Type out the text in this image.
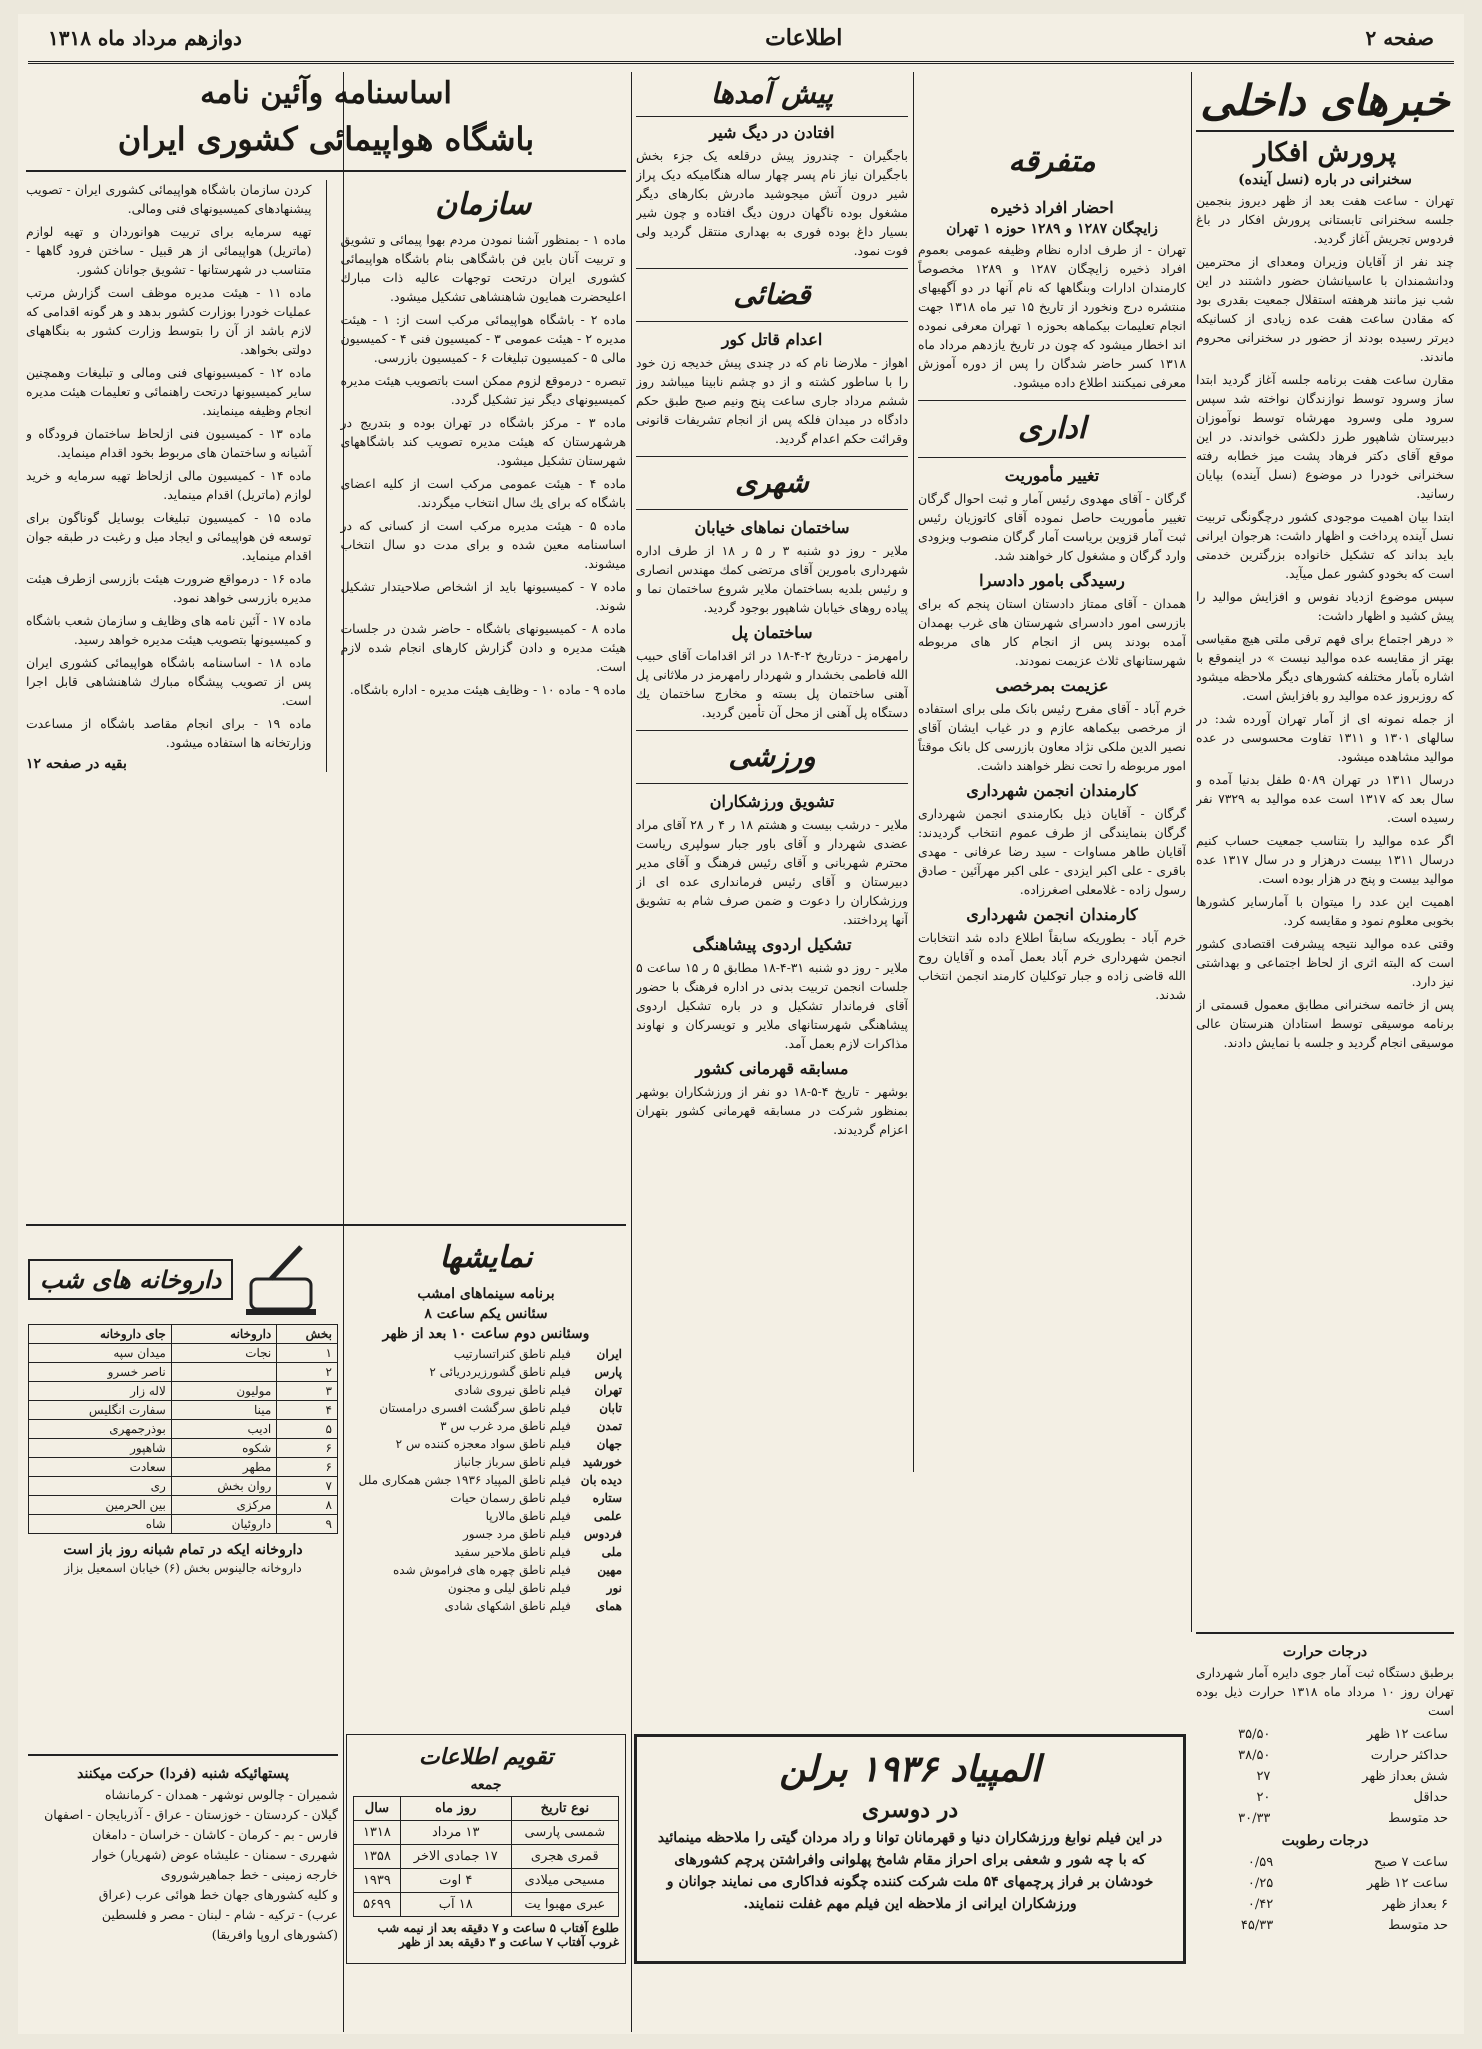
صفحه ۲
اطلاعات
دوازهم مرداد ماه ۱۳۱۸
خبرهای داخلی
پرورش افکار
سخنرانی در باره (نسل آینده)

تهران - ساعت هفت بعد از ظهر دیروز بنجمین جلسه سخنرانی تابستانی پرورش افکار در باغ فردوس تجریش آغاز گردید.

چند نفر از آقایان وزیران ومعدای از محترمین ودانشمندان با عاسیانشان حضور داشتند در این شب نیز مانند هرهفته استقلال جمعیت بقدری بود که مقادن ساعت هفت عده زیادی از کسانیکه دیرتر رسیده بودند از حضور در سخنرانی محروم ماندند.

مقارن ساعت هفت برنامه جلسه آغاز گردید ابتدا ساز وسرود توسط نوازندگان نواخته شد سپس سرود ملی وسرود مهرشاه توسط نوآموزان دبیرستان شاهپور طرز دلکشی خواندند. در این موقع آقای دکتر فرهاد پشت میز خطابه رفته سخنرانی خودرا در موضوع (نسل آینده) بپایان رسانید.

ابتدا بیان اهمیت موجودی کشور درچگونگی تربیت نسل آینده پرداخت و اظهار داشت: هرجوان ایرانی باید بداند که تشکیل خانواده بزرگترین خدمتی است که بخودو کشور عمل میآید.

سپس موضوع ازدیاد نفوس و افزایش موالید را پیش کشید و اظهار داشت:

« درهر اجتماع برای فهم ترقی ملتی هیچ مقیاسی بهتر از مقایسه عده موالید نیست » در اینموقع با اشاره بآمار مختلفه کشورهای دیگر ملاحظه میشود که روزبروز عده موالید رو بافزایش است.

از جمله نمونه ای از آمار تهران آورده شد: در سالهای ۱۳۰۱ و ۱۳۱۱ تفاوت محسوسی در عده موالید مشاهده میشود.

درسال ۱۳۱۱ در تهران ۵۰۸۹ طفل بدنیا آمده و سال بعد که ۱۳۱۷ است عده موالید به ۷۳۲۹ نفر رسیده است.

اگر عده موالید را بتناسب جمعیت حساب کنیم درسال ۱۳۱۱ بیست درهزار و در سال ۱۳۱۷ عده موالید بیست و پنج در هزار بوده است.

اهمیت این عدد را میتوان با آمارسایر کشورها بخوبی معلوم نمود و مقایسه کرد.

وقتی عده موالید نتیجه پیشرفت اقتصادی کشور است که البته اثری از لحاظ اجتماعی و بهداشتی نیز دارد.

پس از خاتمه سخنرانی مطابق معمول قسمتی از برنامه موسیقی توسط استادان هنرستان عالی موسیقی انجام گردید و جلسه با نمایش دادند.

درجات حرارت

برطبق دستگاه ثبت آمار جوی دایره آمار شهرداری تهران روز ۱۰ مرداد ماه ۱۳۱۸ حرارت ذیل بوده است

ساعت ۱۲ ظهر	۳۵/۵۰
حداکثر حرارت	۳۸/۵۰
شش بعداز ظهر	۲۷
حداقل	۲۰
حد متوسط	۳۰/۳۳
درجات رطوبت
ساعت ۷ صبح	۰/۵۹
ساعت ۱۲ ظهر	۰/۲۵
۶ بعداز ظهر	۰/۴۲
حد متوسط	۴۵/۳۳
متفرقه
احضار افراد ذخیره
زایچگان ۱۲۸۷ و ۱۲۸۹ حوزه ۱ تهران

تهران - از طرف اداره نظام وظیفه عمومی بعموم افراد ذخیره زایچگان ۱۲۸۷ و ۱۲۸۹ مخصوصاً کارمندان ادارات وبنگاهها که نام آنها در دو آگهیهای منتشره درج ونخورد از تاریخ ۱۵ تیر ماه ۱۳۱۸ جهت انجام تعلیمات بیکماهه بحوزه ۱ تهران معرفی نموده اند اخطار میشود که چون در تاریخ یازدهم مرداد ماه ۱۳۱۸ کسر حاضر شدگان را پس از دوره آموزش معرفی نمیکنند اطلاع داده میشود.

اداری
تغییر مأموریت

گرگان - آقای مهدوی رئیس آمار و ثبت احوال گرگان تغییر مأموریت حاصل نموده آقای کاتوزیان رئیس ثبت آمار قزوین بریاست آمار گرگان منصوب وبزودی وارد گرگان و مشغول کار خواهند شد.

رسیدگی بامور دادسرا

همدان - آقای ممتاز دادستان استان پنجم که برای بازرسی امور دادسرای شهرستان های غرب بهمدان آمده بودند پس از انجام کار های مربوطه شهرستانهای ثلاث عزیمت نمودند.

عزیمت بمرخصی

خرم آباد - آقای مفرح رئیس بانک ملی برای استفاده از مرخصی بیکماهه عازم و در غیاب ایشان آقای نصیر الدین ملکی نژاد معاون بازرسی کل بانک موقتاً امور مربوطه را تحت نظر خواهند داشت.

کارمندان انجمن شهرداری

گرگان - آقایان ذیل بکارمندی انجمن شهرداری گرگان بنمایندگی از طرف عموم انتخاب گردیدند: آقایان طاهر مساوات - سید رضا عرفانی - مهدی باقری - علی اکبر ایزدی - علی اکبر مهرآئین - صادق رسول زاده - غلامعلی اصغرزاده.

کارمندان انجمن شهرداری

خرم آباد - بطوریکه سابقاً اطلاع داده شد انتخابات انجمن شهرداری خرم آباد بعمل آمده و آقایان روح الله قاضی زاده و جبار توکلیان کارمند انجمن انتخاب شدند.

پیش آمدها
افتادن در دیگ شیر

باجگیران - چندروز پیش درقلعه یک جزء بخش باجگیران نیاز نام پسر چهار ساله هنگامیکه دیک پراز شیر درون آتش میجوشید مادرش بکارهای دیگر مشغول بوده ناگهان درون دیگ افتاده و چون شیر بسیار داغ بوده فوری به بهداری منتقل گردید ولی فوت نمود.

قضائی
اعدام قاتل کور

اهواز - ملارضا نام که در چندی پیش خدیجه زن خود را با ساطور کشته و از دو چشم نابینا میباشد روز ششم مرداد جاری ساعت پنج ونیم صبح طبق حکم دادگاه در میدان فلکه پس از انجام تشریفات قانونی وقرائت حکم اعدام گردید.

شهری
ساختمان نماهای خیابان

ملایر - روز دو شنبه ۳ ر ۵ ر ۱۸ از طرف اداره شهرداری بامورین آقای مرتضی کمك مهندس انصاری و رئیس بلدیه بساختمان ملایر شروع ساختمان نما و پیاده روهای خیابان شاهپور بوجود گردید.

ساختمان پل

رامهرمز - درتاریخ ۲-۴-۱۸ در اثر اقدامات آقای حبیب الله فاطمی بخشدار و شهردار رامهرمز در ملاثانی پل آهنی ساختمان پل بسته و مخارج ساختمان یك دستگاه پل آهنی از محل آن تأمین گردید.

ورزشی
تشویق ورزشکاران

ملایر - درشب بیست و هشتم ۱۸ ر ۴ ر ۲۸ آقای مراد عضدی شهردار و آقای باور جبار سولپری ریاست محترم شهربانی و آقای رئیس فرهنگ و آقای مدیر دبیرستان و آقای رئیس فرمانداری عده ای از ورزشکاران را دعوت و ضمن صرف شام به تشویق آنها پرداختند.

تشکیل اردوی پیشاهنگی

ملایر - روز دو شنبه ۳۱-۴-۱۸ مطابق ۵ ر ۱۵ ساعت ۵ جلسات انجمن تربیت بدنی در اداره فرهنگ با حضور آقای فرماندار تشکیل و در باره تشکیل اردوی پیشاهنگی شهرستانهای ملایر و تویسرکان و نهاوند مذاکرات لازم بعمل آمد.

مسابقه قهرمانی کشور

بوشهر - تاریخ ۴-۵-۱۸ دو نفر از ورزشکاران بوشهر بمنظور شرکت در مسابقه قهرمانی کشور بتهران اعزام گردیدند.

اساسنامه وآئین نامه
باشگاه هواپیمائی کشوری ایران
سازمان

ماده ۱ - بمنظور آشنا نمودن مردم بهوا پیمائی و تشویق و تربیت آنان باین فن باشگاهی بنام باشگاه هواپیمائی کشوری ایران درتحت توجهات عالیه ذات مبارك اعلیحضرت همایون شاهنشاهی تشکیل میشود.

ماده ۲ - باشگاه هواپیمائی مرکب است از: ۱ - هیئت مدیره ۲ - هیئت عمومی ۳ - کمیسیون فنی ۴ - کمیسیون مالی ۵ - کمیسیون تبلیغات ۶ - کمیسیون بازرسی.

تبصره - درموقع لزوم ممکن است باتصویب هیئت مدیره کمیسیونهای دیگر نیز تشکیل گردد.

ماده ۳ - مرکز باشگاه در تهران بوده و بتدریج در هرشهرستان که هیئت مدیره تصویب کند باشگاههای شهرستان تشکیل میشود.

ماده ۴ - هیئت عمومی مرکب است از کلیه اعضای باشگاه که برای یك سال انتخاب میگردند.

ماده ۵ - هیئت مدیره مرکب است از کسانی که در اساسنامه معین شده و برای مدت دو سال انتخاب میشوند.

ماده ۷ - کمیسیونها باید از اشخاص صلاحیتدار تشکیل شوند.

ماده ۸ - کمیسیونهای باشگاه - حاضر شدن در جلسات هیئت مدیره و دادن گزارش کارهای انجام شده لازم است.

ماده ۹ - ماده ۱۰ - وظایف هیئت مدیره - اداره باشگاه.

کردن سازمان باشگاه هواپیمائی کشوری ایران - تصویب پیشنهادهای کمیسیونهای فنی ومالی.

تهیه سرمایه برای تربیت هوانوردان و تهیه لوازم (ماتریل) هواپیمائی از هر قبیل - ساختن فرود گاهها - متناسب در شهرستانها - تشویق جوانان کشور.

ماده ۱۱ - هیئت مدیره موظف است گزارش مرتب عملیات خودرا بوزارت کشور بدهد و هر گونه اقدامی که لازم باشد از آن را بتوسط وزارت کشور به بنگاههای دولتی بخواهد.

ماده ۱۲ - کمیسیونهای فنی ومالی و تبلیغات وهمچنین سایر کمیسیونها درتحت راهنمائی و تعلیمات هیئت مدیره انجام وظیفه مینمایند.

ماده ۱۳ - کمیسیون فنی ازلحاظ ساختمان فرودگاه و آشیانه و ساختمان های مربوط بخود اقدام مینماید.

ماده ۱۴ - کمیسیون مالی ازلحاظ تهیه سرمایه و خرید لوازم (ماتریل) اقدام مینماید.

ماده ۱۵ - کمیسیون تبلیغات بوسایل گوناگون برای توسعه فن هواپیمائی و ایجاد میل و رغبت در طبقه جوان اقدام مینماید.

ماده ۱۶ - درمواقع ضرورت هیئت بازرسی ازطرف هیئت مدیره بازرسی خواهد نمود.

ماده ۱۷ - آئین نامه های وظایف و سازمان شعب باشگاه و کمیسیونها بتصویب هیئت مدیره خواهد رسید.

ماده ۱۸ - اساسنامه باشگاه هواپیمائی کشوری ایران پس از تصویب پیشگاه مبارك شاهنشاهی قابل اجرا است.

ماده ۱۹ - برای انجام مقاصد باشگاه از مساعدت وزارتخانه ها استفاده میشود.

بقیه در صفحه ۱۲
نمایشها
برنامه سینماهای امشب
سئانس یکم ساعت ۸
وسئانس دوم ساعت ۱۰ بعد از ظهر
ایران	فیلم ناطق کنراتسارتیب
پارس	فیلم ناطق گشورزیردریائی ۲
تهران	فیلم ناطق نیروی شادی
تابان	فیلم ناطق سرگشت افسری درامستان
تمدن	فیلم ناطق مرد غرب س ۳
جهان	فیلم ناطق سواد معجزه کننده س ۲
خورشید	فیلم ناطق سرباز جانباز
دیده بان	فیلم ناطق المپیاد ۱۹۳۶ جشن همکاری ملل
ستاره	فیلم ناطق رسمان حیات
علمی	فیلم ناطق مالارپا
فردوس	فیلم ناطق مرد جسور
ملی	فیلم ناطق ملاحیر سفید
مهین	فیلم ناطق چهره های فراموش شده
نور	فیلم ناطق لیلی و مجنون
همای	فیلم ناطق اشکهای شادی
تقویم اطلاعات
جمعه
نوع تاریخ	روز ماه	سال
شمسی پارسی	۱۳ مرداد	۱۳۱۸
قمری هجری	۱۷ جمادی الاخر	۱۳۵۸
مسیحی میلادی	۴ اوت	۱۹۳۹
عبری مهبوا یت	۱۸ آب	۵۶۹۹
طلوع آفتاب ۵ ساعت و ۷ دقیقه بعد از نیمه شب
غروب آفتاب ۷ ساعت و ۳ دقیقه بعد از ظهر
داروخانه های شب
بخش	داروخانه	جای داروخانه
۱	نجات	میدان سپه
۲		ناصر خسرو
۳	مولیون	لاله زار
۴	مینا	سفارت انگلیس
۵	ادیب	بوذرجمهری
۶	شکوه	شاهپور
۶	مطهر	سعادت
۷	روان بخش	ری
۸	مرکزی	بین الحرمین
۹	داروئیان	شاه
داروخانه ایکه در تمام شبانه روز باز است
داروخانه جالینوس بخش (۶) خیابان اسمعیل بزاز
پستهائیکه شنبه (فردا) حرکت میکنند
شمیران - چالوس نوشهر - همدان - کرمانشاه
گیلان - کردستان - خوزستان - عراق - آذربایجان - اصفهان
فارس - بم - کرمان - کاشان - خراسان - دامغان
شهرری - سمنان - علیشاه عوض (شهریار) خوار
خارجه زمینی - خط جماهیرشوروی
و کلیه کشورهای جهان خط هوائی عرب (عراق
عرب) - ترکیه - شام - لبنان - مصر و فلسطین
(کشورهای اروپا وافریقا)
المپیاد ۱۹۳۶ برلن
در دوسری

در این فیلم نوابغ ورزشکاران دنیا و قهرمانان توانا و راد مردان گیتی را ملاحظه مینمائید که با چه شور و شعفی برای احراز مقام شامخ پهلوانی وافراشتن پرچم کشورهای خودشان بر فراز پرچمهای ۵۴ ملت شرکت کننده چگونه فداکاری می نمایند جوانان و ورزشکاران ایرانی از ملاحظه این فیلم مهم غفلت ننمایند.
